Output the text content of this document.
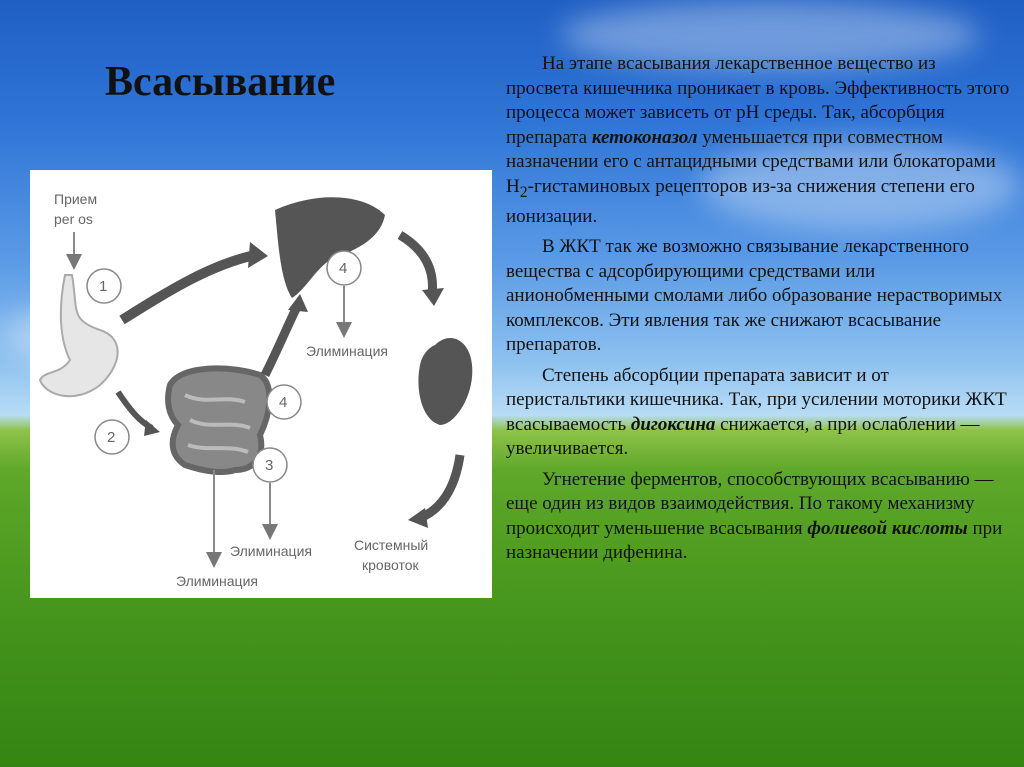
Всасывание
Прием
per os
1
4
Элиминация
Системный
кровоток
2
4
3
Элиминация
Элиминация

На этапе всасывания лекарственное вещество из просвета кишечника проникает в кровь. Эффективность этого процесса может зависеть от pH среды. Так, абсорбция препарата кетоконазол уменьшается при совместном назначении его с антацидными средствами или блокаторами $H_2$-гистаминовых рецепторов из-за снижения степени его ионизации.

В ЖКТ так же возможно связывание лекарственного вещества с адсорбирующими средствами или анионобменными смолами либо образование нерастворимых комплексов. Эти явления так же снижают всасывание препаратов.

Степень абсорбции препарата зависит и от перистальтики кишечника. Так, при усилении моторики ЖКТ всасываемость дигоксина снижается, а при ослаблении — увеличивается.

Угнетение ферментов, способствующих всасыванию — еще один из видов взаимодействия. По такому механизму происходит уменьшение всасывания фолиевой кислоты при назначении дифенина.
